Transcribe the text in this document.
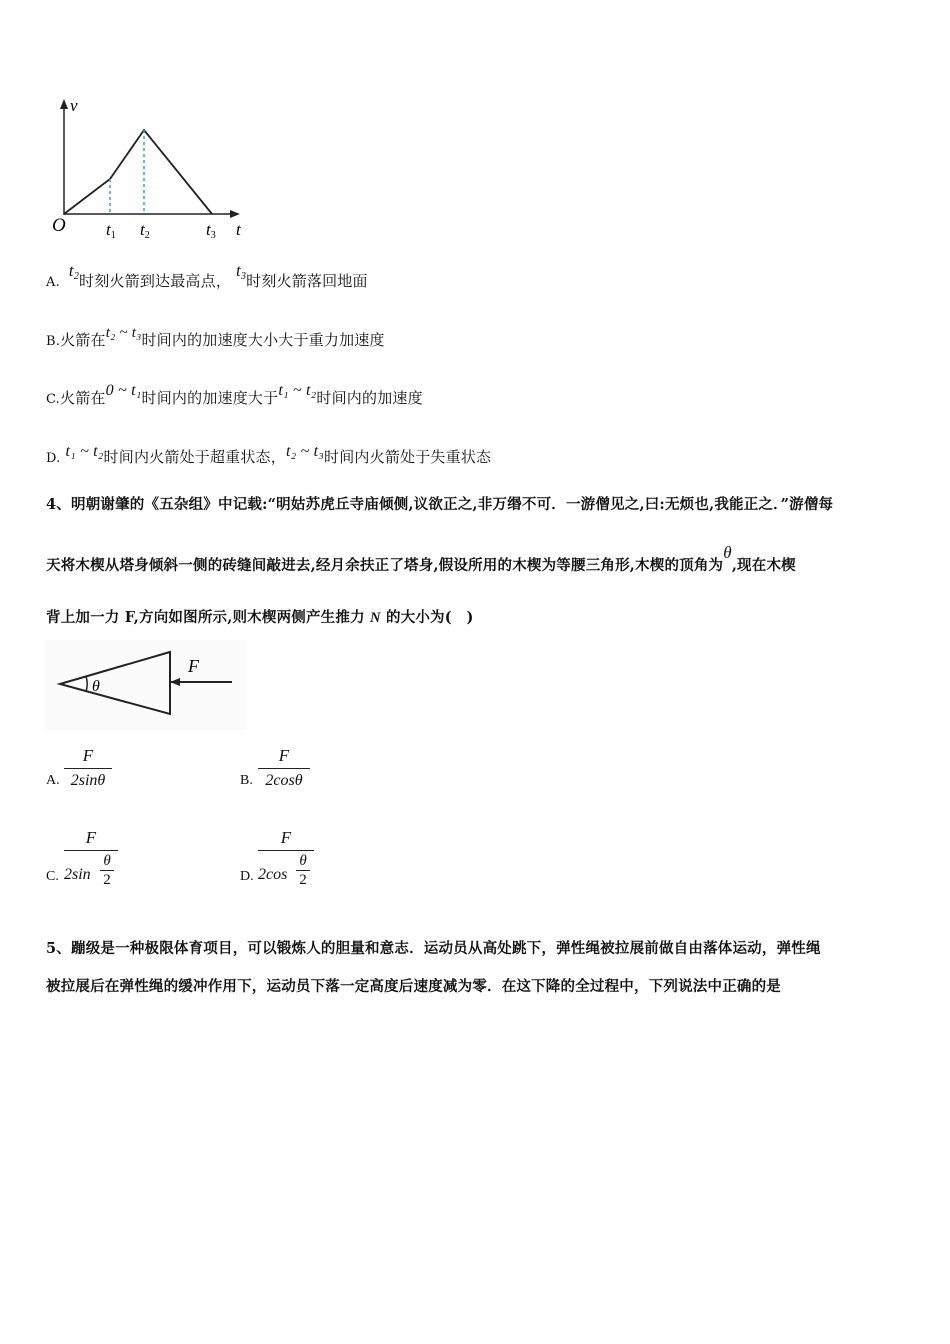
v
O t1 t2	t3 t
A. $t_2$时刻火箭到达最高点， $t_3$时刻火箭落回地面
B.火箭在t₂ ~ t₃时间内的加速度大小大于重力加速度
C.火箭在0 ~ t₁时间内的加速度大于t₁ ~ t₂时间内的加速度
D. t₁ ~ t₂时间内火箭处于超重状态，t₂ ~ t₃时间内火箭处于失重状态
4、明朝谢肇的《五杂组》中记载:“明姑苏虎丘寺庙倾侧,议欲正之,非万缗不可．一游僧见之,曰:无烦也,我能正之．”游僧每
天将木楔从塔身倾斜一侧的砖缝间敲进去,经月余扶正了塔身,假设所用的木楔为等腰三角形,木楔的顶角为θ,现在木楔
背上加一力 F,方向如图所示,则木楔两侧产生推力 N 的大小为(　)
θ
F
A.
F
2sinθ	B.
F
2cosθ
C.
F
2sin
θ
2	D.
F
2cos
θ
2
5、蹦级是一种极限体育项目，可以锻炼人的胆量和意志．运动员从高处跳下，弹性绳被拉展前做自由落体运动，弹性绳
被拉展后在弹性绳的缓冲作用下，运动员下落一定高度后速度减为零．在这下降的全过程中，下列说法中正确的是
